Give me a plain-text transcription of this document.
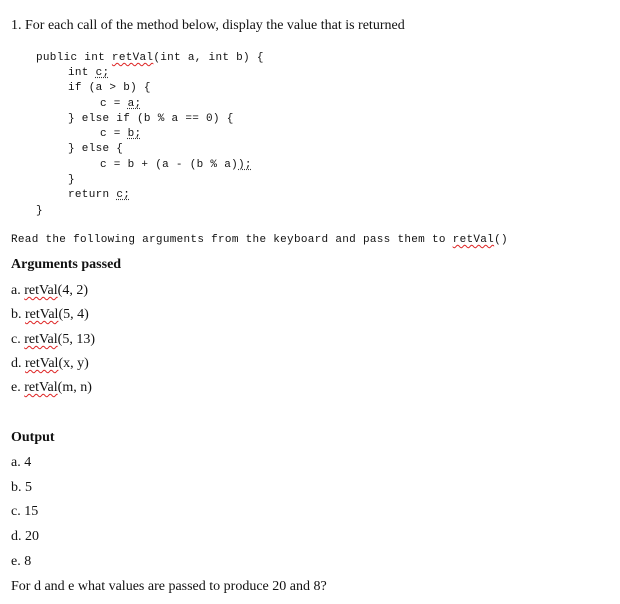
1. For each call of the method below, display the value that is returned
public int retVal(int a, int b) {
int c;
if (a > b) {
c = a;
} else if (b % a == 0) {
c = b;
} else {
c = b + (a - (b % a));
}
return c;
}
Read the following arguments from the keyboard and pass them to retVal()
Arguments passed
a. retVal(4, 2)
b. retVal(5, 4)
c. retVal(5, 13)
d. retVal(x, y)
e. retVal(m, n)
Output
a. 4
b. 5
c. 15
d. 20
e. 8
For d and e what values are passed to produce 20 and 8?
